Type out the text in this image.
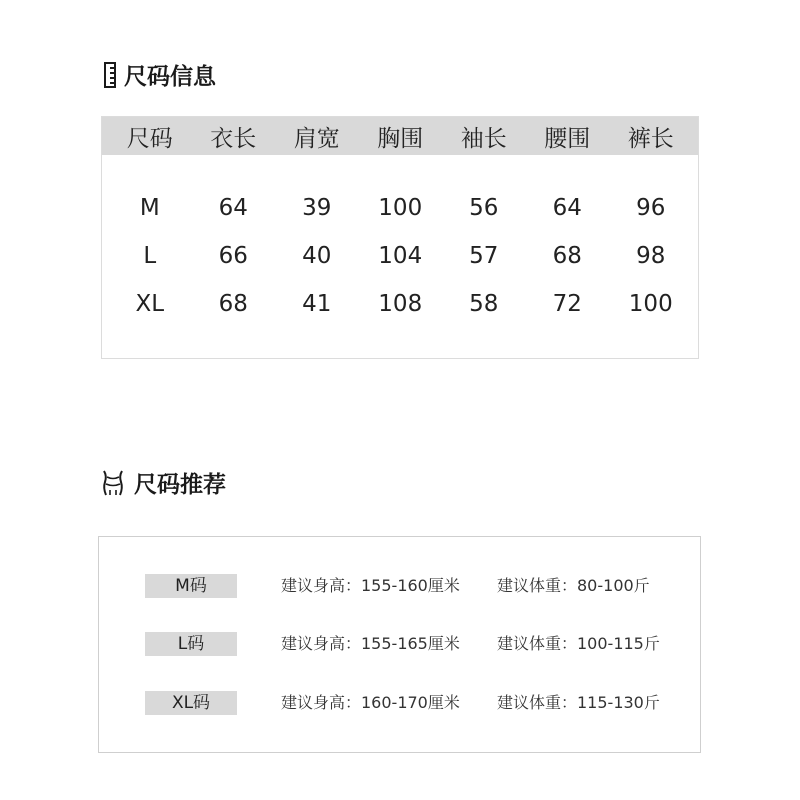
尺码信息
尺码	衣长	肩宽	胸围	袖长	腰围	裤长
M	64	39	100	56	64	96
L	66	40	104	57	68	98
XL	68	41	108	58	72	100
尺码推荐
M码	建议身高：155-160厘米 建议体重：80-100斤
L码	建议身高：155-165厘米 建议体重：100-115斤
XL码	建议身高：160-170厘米 建议体重：115-130斤
